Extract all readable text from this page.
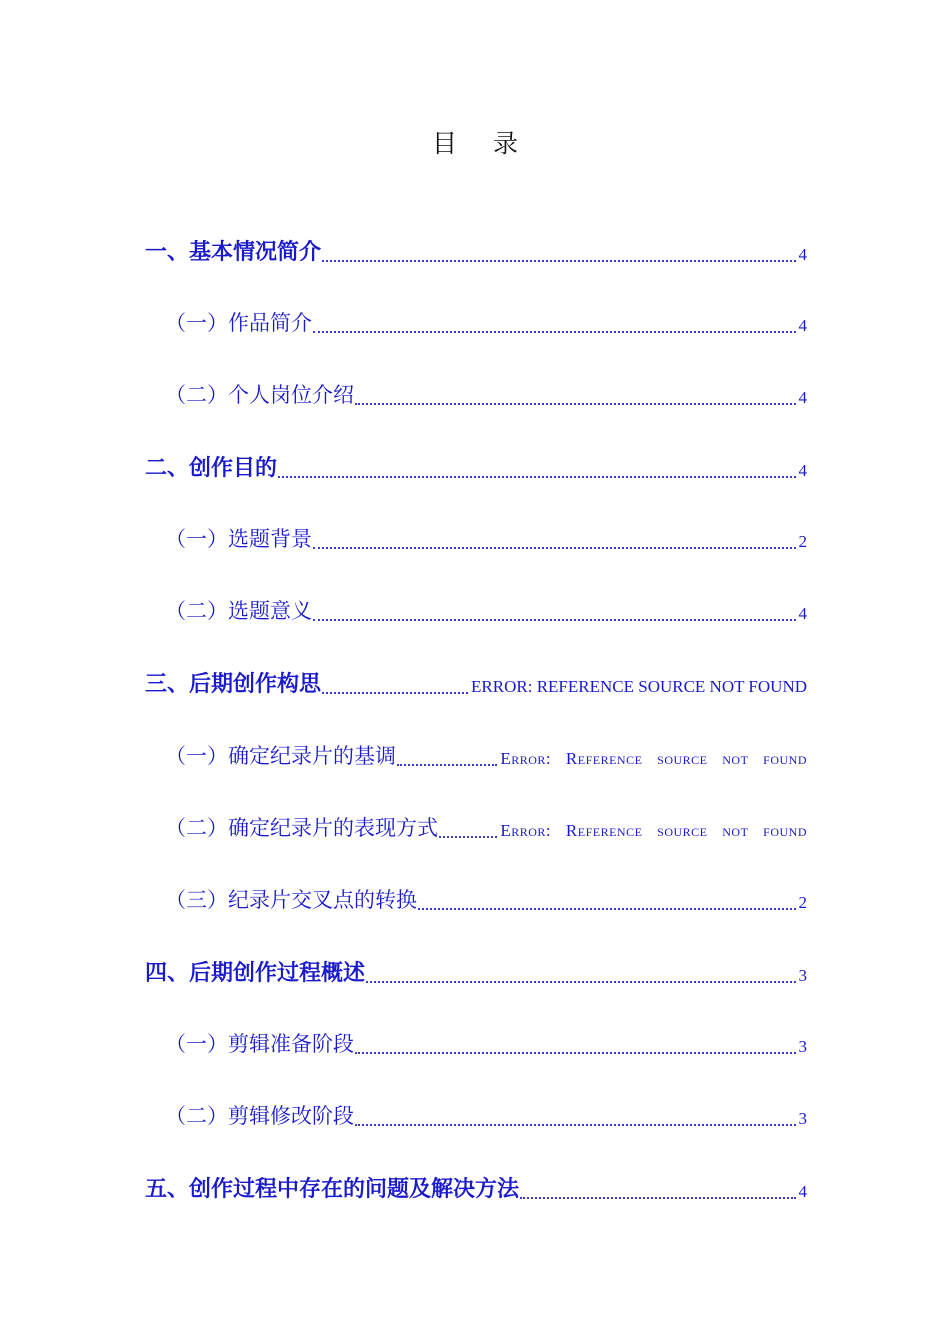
目 录
一、基本情况简介	4
（一）作品简介	4
（二）个人岗位介绍	4
二、创作目的	4
（一）选题背景	2
（二）选题意义	4
三、后期创作构思	ERROR: REFERENCE SOURCE NOT FOUND
（一）确定纪录片的基调	Error: Reference source not found
（二）确定纪录片的表现方式	Error: Reference source not found
（三）纪录片交叉点的转换	2
四、后期创作过程概述	3
（一）剪辑准备阶段	3
（二）剪辑修改阶段	3
五、创作过程中存在的问题及解决方法	4
